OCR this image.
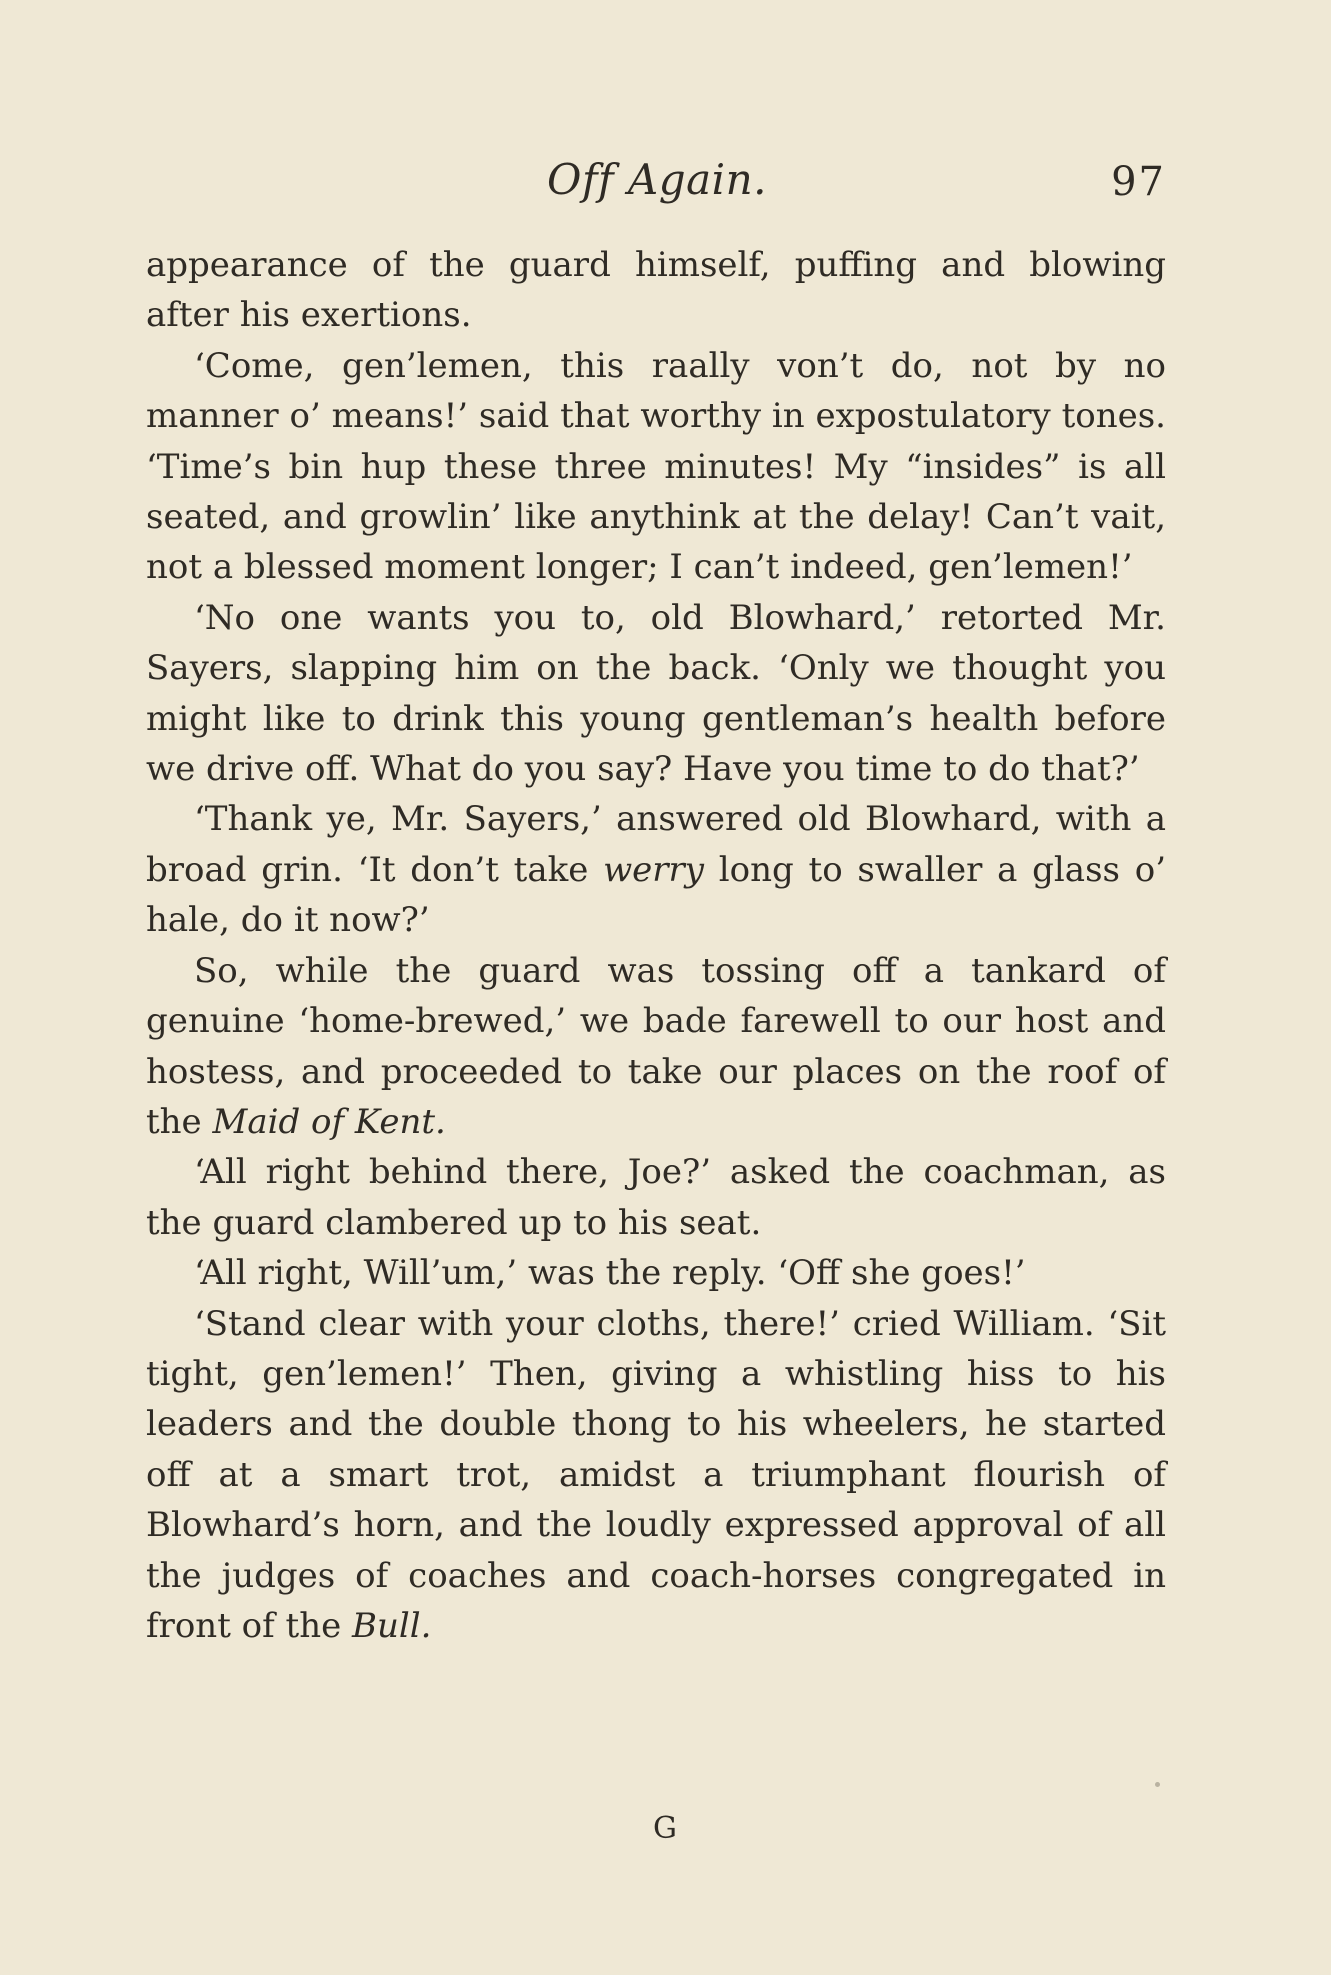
Off Again.	97

appearance of the guard himself, puffing and blowing after his exertions.

‘Come, gen’lemen, this raally von’t do, not by no manner o’ means!’ said that worthy in expostulatory tones. ‘Time’s bin hup these three minutes! My “insides” is all seated, and growlin’ like anythink at the delay! Can’t vait, not a blessed moment longer; I can’t indeed, gen’lemen!’

‘No one wants you to, old Blowhard,’ retorted Mr. Sayers, slapping him on the back. ‘Only we thought you might like to drink this young gentleman’s health before we drive off. What do you say? Have you time to do that?’

‘Thank ye, Mr. Sayers,’ answered old Blowhard, with a broad grin. ‘It don’t take werry long to swaller a glass o’ hale, do it now?’

So, while the guard was tossing off a tankard of genuine ‘home-brewed,’ we bade farewell to our host and hostess, and proceeded to take our places on the roof of the Maid of Kent.

‘All right behind there, Joe?’ asked the coachman, as the guard clambered up to his seat.

‘All right, Will’um,’ was the reply. ‘Off she goes!’

‘Stand clear with your cloths, there!’ cried William. ‘Sit tight, gen’lemen!’ Then, giving a whistling hiss to his leaders and the double thong to his wheelers, he started off at a smart trot, amidst a triumphant flourish of Blowhard’s horn, and the loudly expressed approval of all the judges of coaches and coach-horses congregated in front of the Bull.

G
